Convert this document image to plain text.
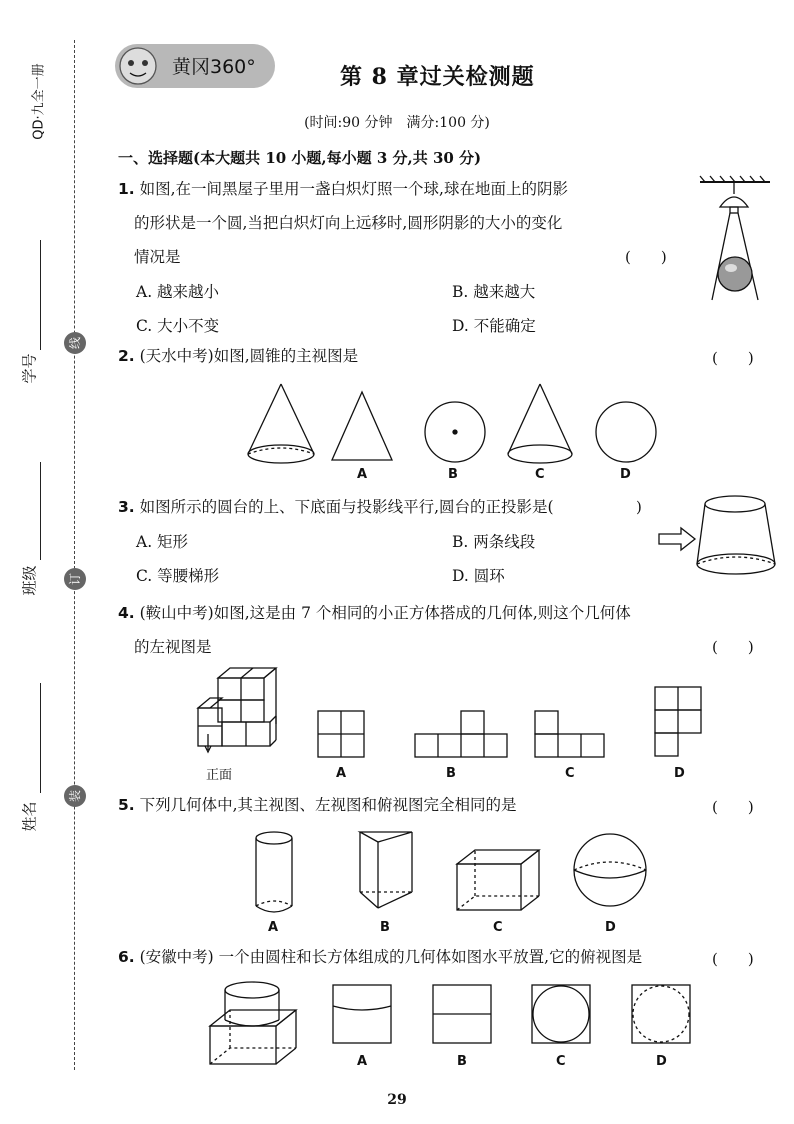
QD·九全一册
学号
班级
姓名
线
订
装
黄冈360°	第 8 章过关检测题
(时间:90 分钟　满分:100 分)
一、选择题(本大题共 10 小题,每小题 3 分,共 30 分)
1. 如图,在一间黑屋子里用一盏白炽灯照一个球,球在地面上的阴影
的形状是一个圆,当把白炽灯向上远移时,圆形阴影的大小的变化
情况是	(　　)
A. 越来越小	B. 越来越大
C. 大小不变	D. 不能确定
2. (天水中考)如图,圆锥的主视图是	(　　)
A	B	C	D
3. 如图所示的圆台的上、下底面与投影线平行,圆台的正投影是(	)
A. 矩形	B. 两条线段
C. 等腰梯形	D. 圆环
4. (鞍山中考)如图,这是由 7 个相同的小正方体搭成的几何体,则这个几何体
的左视图是	(　　)
正面	A	B	C	D
5. 下列几何体中,其主视图、左视图和俯视图完全相同的是	(　　)
A	B	C	D
6. (安徽中考) 一个由圆柱和长方体组成的几何体如图水平放置,它的俯视图是	(　　)
A	B	C	D
29
